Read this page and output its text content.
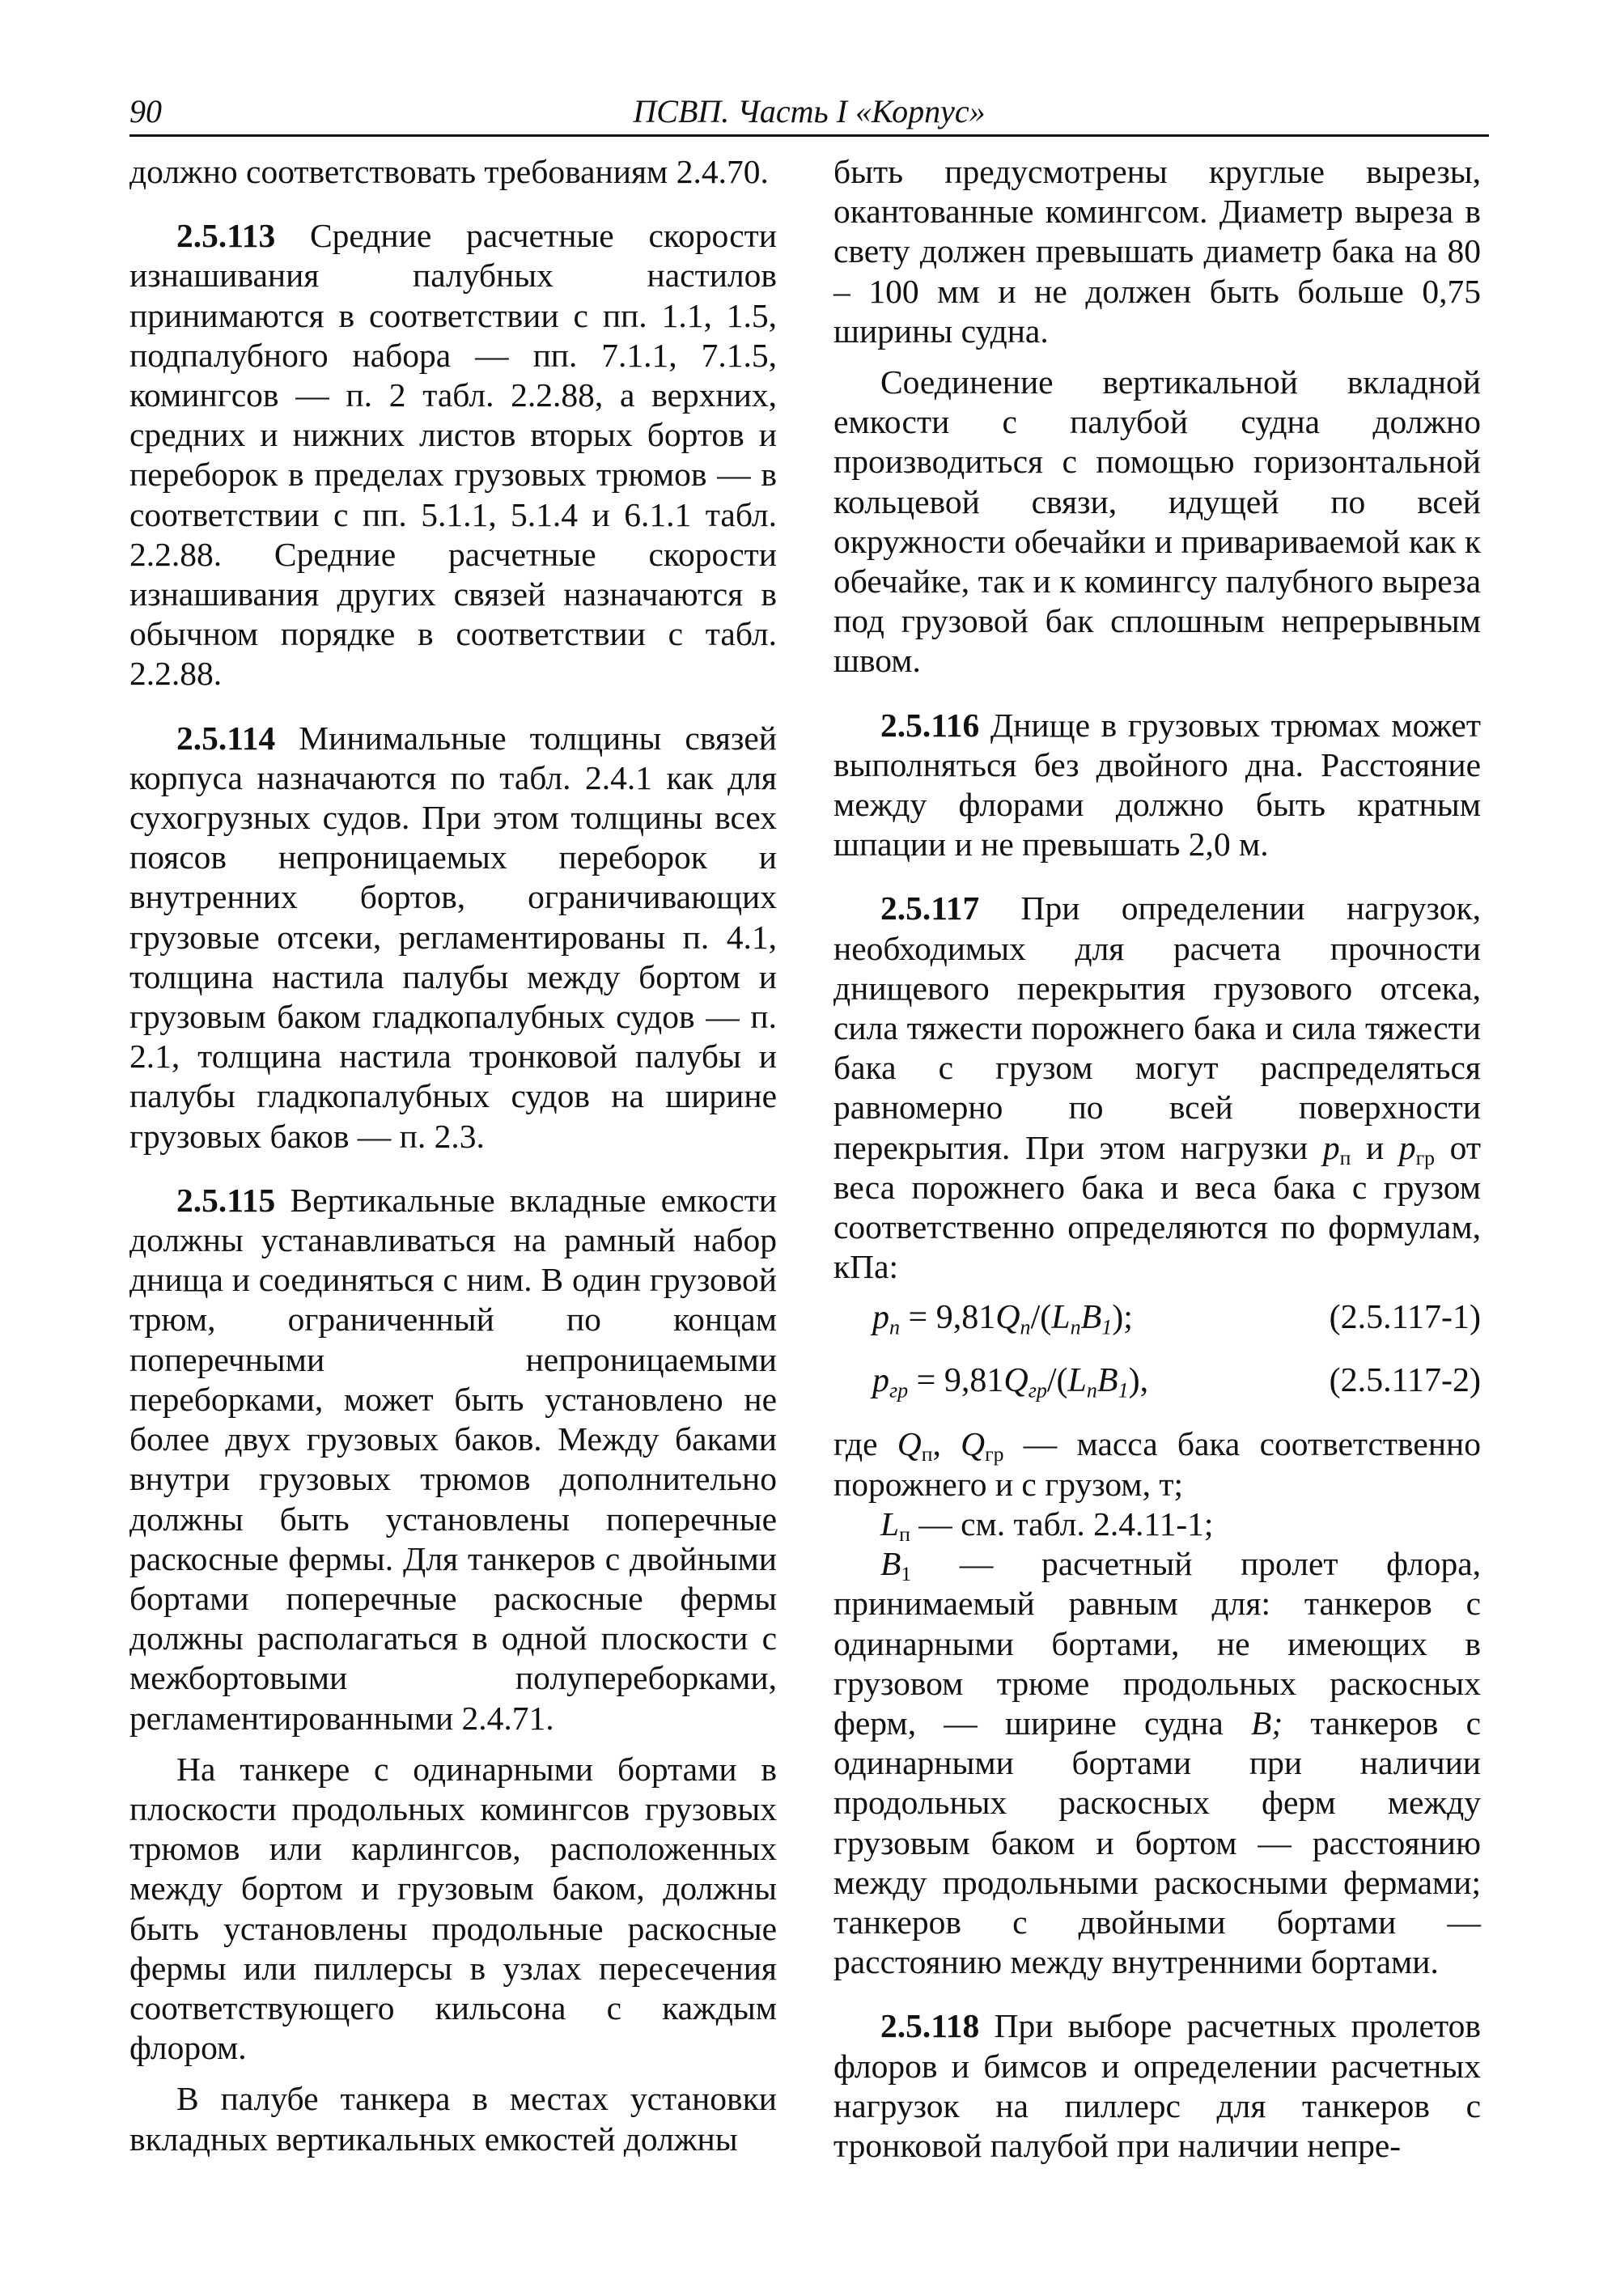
90	ПСВП. Часть I «Корпус»

должно соответствовать требованиям 2.4.70.

2.5.113 Средние расчетные скорости изнашивания палубных настилов принимаются в соответствии с пп. 1.1, 1.5, подпалубного набора — пп. 7.1.1, 7.1.5, комингсов — п. 2 табл. 2.2.88, а верхних, средних и нижних листов вторых бортов и переборок в пределах грузовых трюмов — в соответствии с пп. 5.1.1, 5.1.4 и 6.1.1 табл. 2.2.88. Средние расчетные скорости изнашивания других связей назначаются в обычном порядке в соответствии с табл. 2.2.88.

2.5.114 Минимальные толщины связей корпуса назначаются по табл. 2.4.1 как для сухогрузных судов. При этом толщины всех поясов непроницаемых переборок и внутренних бортов, ограничивающих грузовые отсеки, регламентированы п. 4.1, толщина настила палубы между бортом и грузовым баком гладкопалубных судов — п. 2.1, толщина настила тронковой палубы и палубы гладкопалубных судов на ширине грузовых баков — п. 2.3.

2.5.115 Вертикальные вкладные емкости должны устанавливаться на рамный набор днища и соединяться с ним. В один грузовой трюм, ограниченный по концам поперечными непроницаемыми переборками, может быть установлено не более двух грузовых баков. Между баками внутри грузовых трюмов дополнительно должны быть установлены поперечные раскосные фермы. Для танкеров с двойными бортами поперечные раскосные фермы должны располагаться в одной плоскости с межбортовыми полупереборками, регламентированными 2.4.71.

На танкере с одинарными бортами в плоскости продольных комингсов грузовых трюмов или карлингсов, расположенных между бортом и грузовым баком, должны быть установлены продольные раскосные фермы или пиллерсы в узлах пересечения соответствующего кильсона с каждым флором.

В палубе танкера в местах установки вкладных вертикальных емкостей должны

быть предусмотрены круглые вырезы, окантованные комингсом. Диаметр выреза в свету должен превышать диаметр бака на 80 – 100 мм и не должен быть больше 0,75 ширины судна.

Соединение вертикальной вкладной емкости с палубой судна должно производиться с помощью горизонтальной кольцевой связи, идущей по всей окружности обечайки и привариваемой как к обечайке, так и к комингсу палубного выреза под грузовой бак сплошным непрерывным швом.

2.5.116 Днище в грузовых трюмах может выполняться без двойного дна. Расстояние между флорами должно быть кратным шпации и не превышать 2,0 м.

2.5.117 При определении нагрузок, необходимых для расчета прочности днищевого перекрытия грузового отсека, сила тяжести порожнего бака и сила тяжести бака с грузом могут распределяться равномерно по всей поверхности перекрытия. При этом нагрузки $p_п$ и $p_{гр}$ от веса порожнего бака и веса бака с грузом соответственно определяются по формулам, кПа:

$p_п = 9,81Q_п/(L_пB_1)$;	(2.5.117-1)
$p_{гр} = 9,81Q_{гр}/(L_пB_1)$,	(2.5.117-2)

где $Q_п$, $Q_{гр}$ — масса бака соответственно порожнего и с грузом, т;

$L_п$ — см. табл. 2.4.11-1;

$B_1$ — расчетный пролет флора, принимаемый равным для: танкеров с одинарными бортами, не имеющих в грузовом трюме продольных раскосных ферм, — ширине судна B; танкеров с одинарными бортами при наличии продольных раскосных ферм между грузовым баком и бортом — расстоянию между продольными раскосными фермами; танкеров с двойными бортами — расстоянию между внутренними бортами.

2.5.118 При выборе расчетных пролетов флоров и бимсов и определении расчетных нагрузок на пиллерс для танкеров с тронковой палубой при наличии непре-
